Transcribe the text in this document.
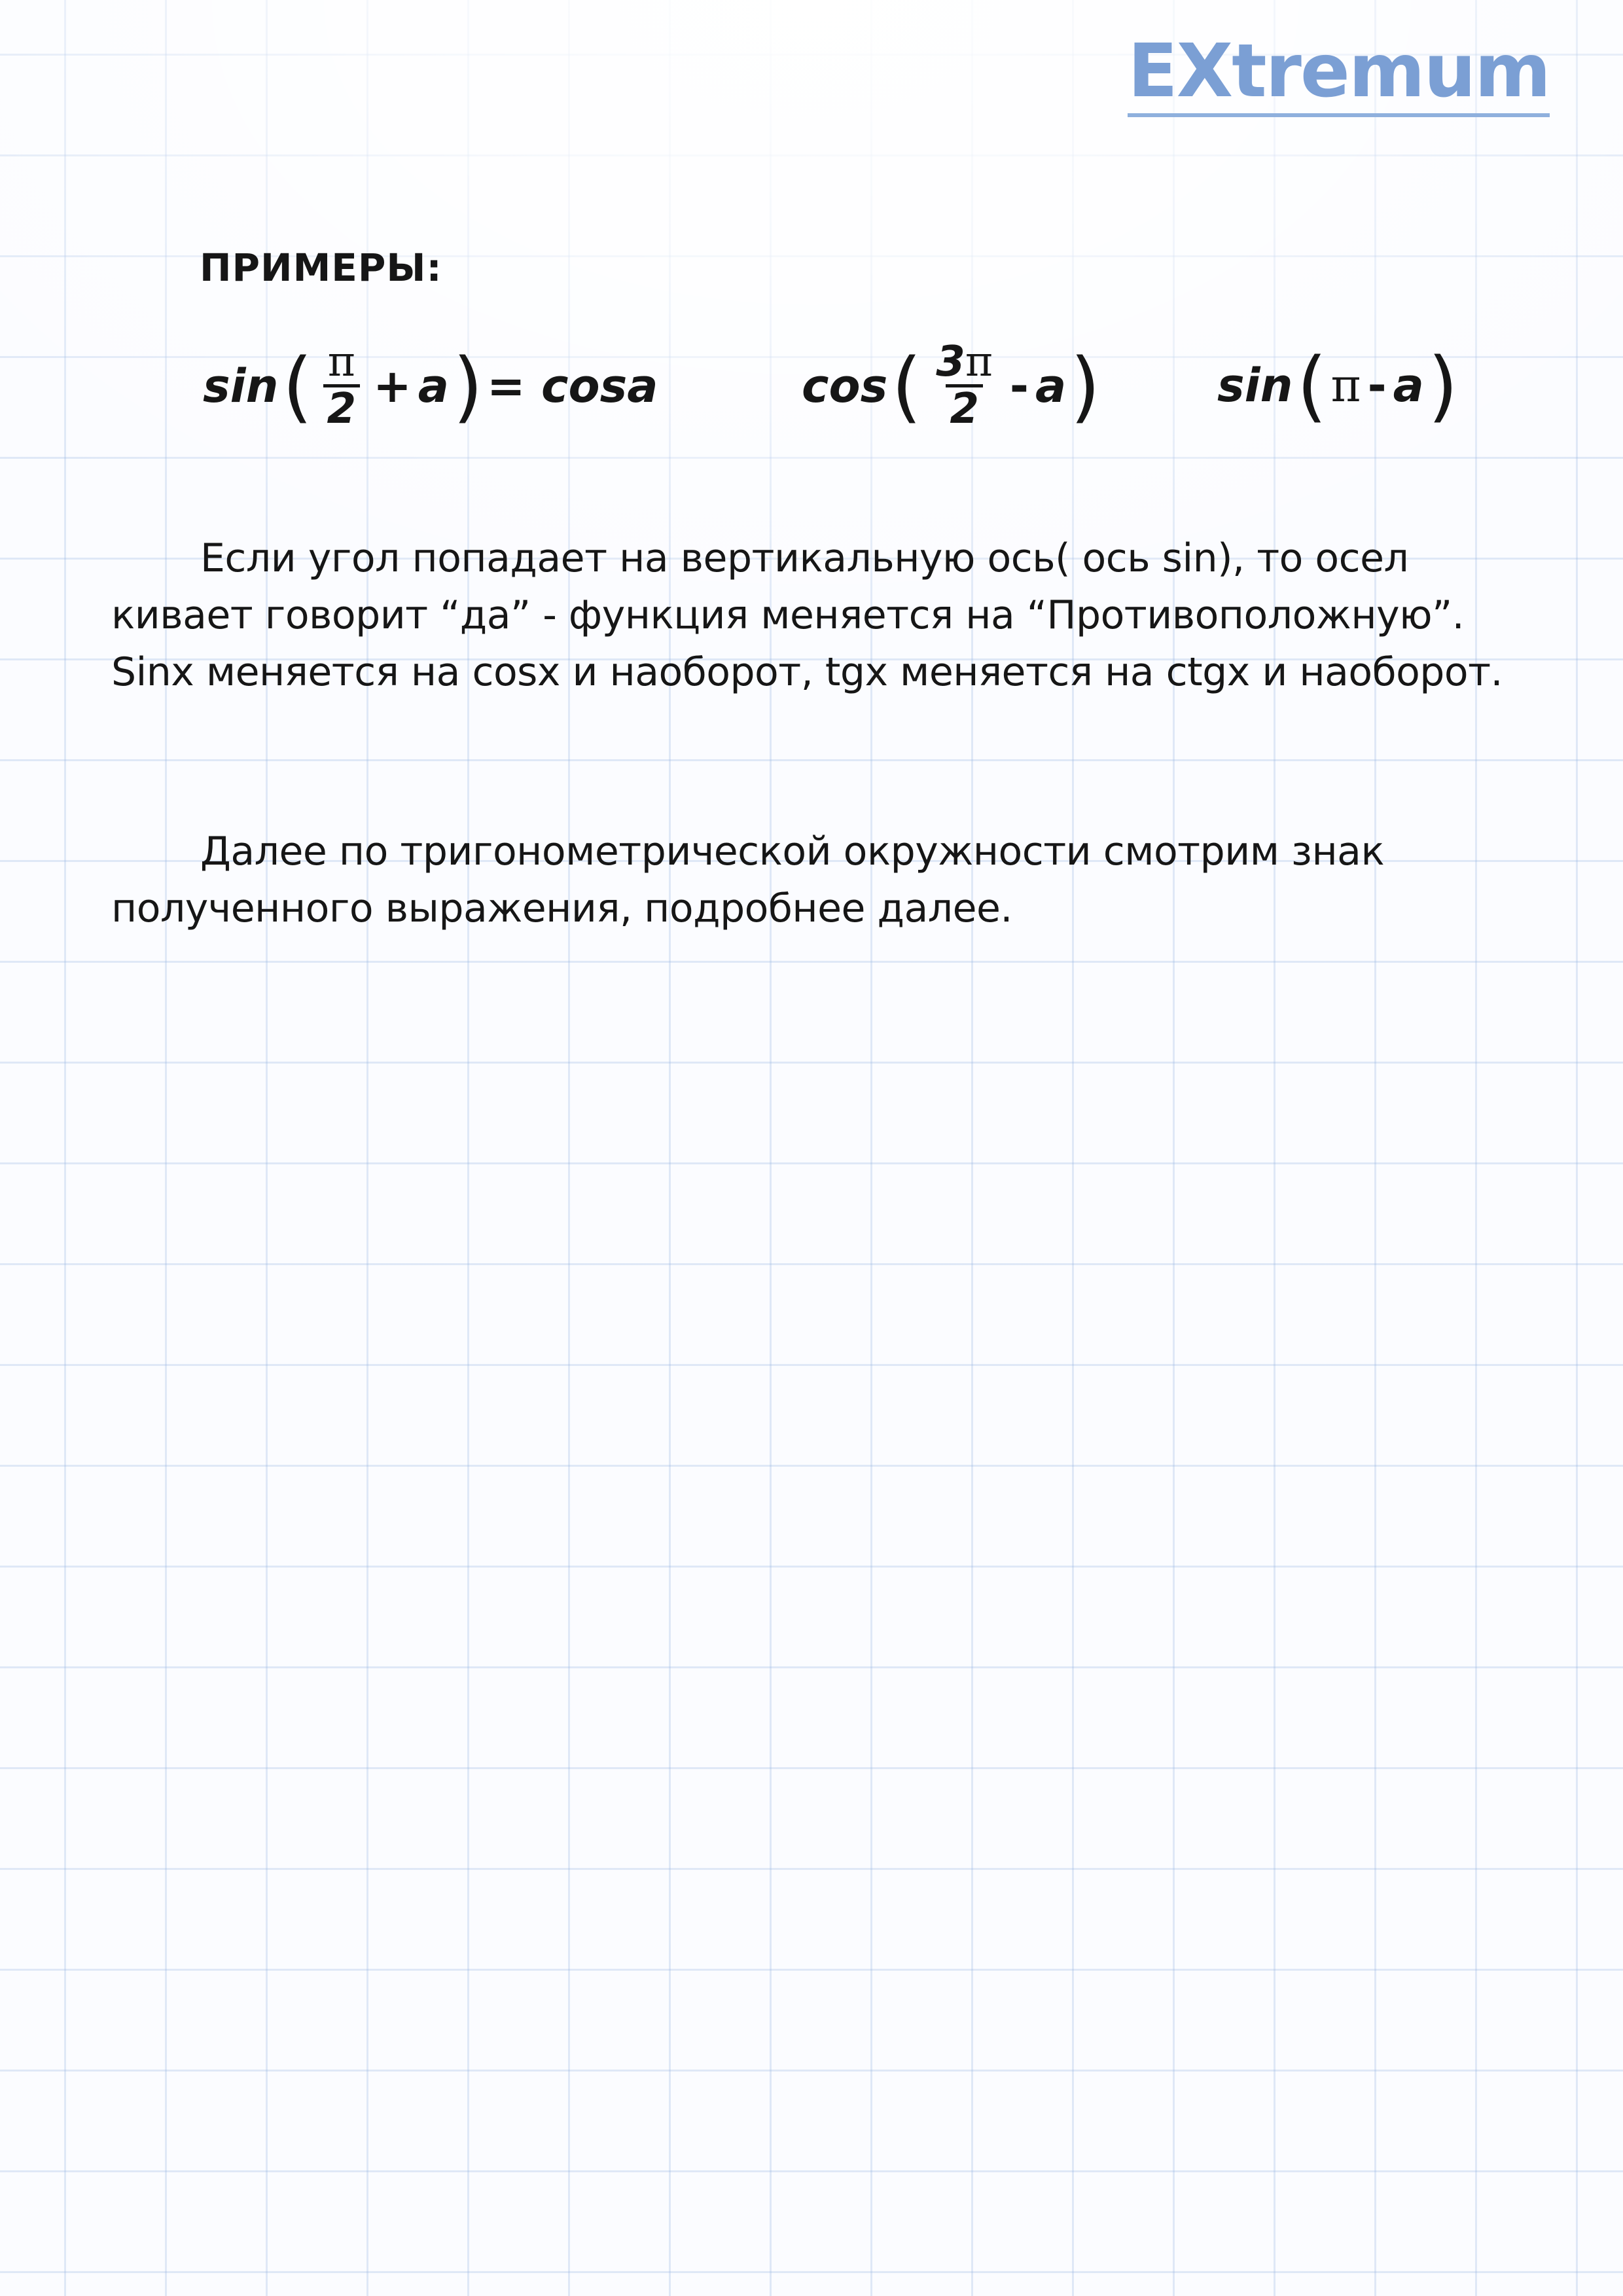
EXtremum
ПРИМЕРЫ:
sin ( $\frac{\pi}{2} + a$ ) = cosa	cos ( $\frac{3\pi}{2}$ - a )	sin ( π - a )

Если угол попадает на вертикальную ось( ось sin), то осел кивает говорит “да” - функция меняется на “Противоположную”. Sinx меняется на cosx и наоборот, tgx меняется на ctgx и наоборот.

Далее по тригонометрической окружности смотрим знак полученного выражения, подробнее далее.
